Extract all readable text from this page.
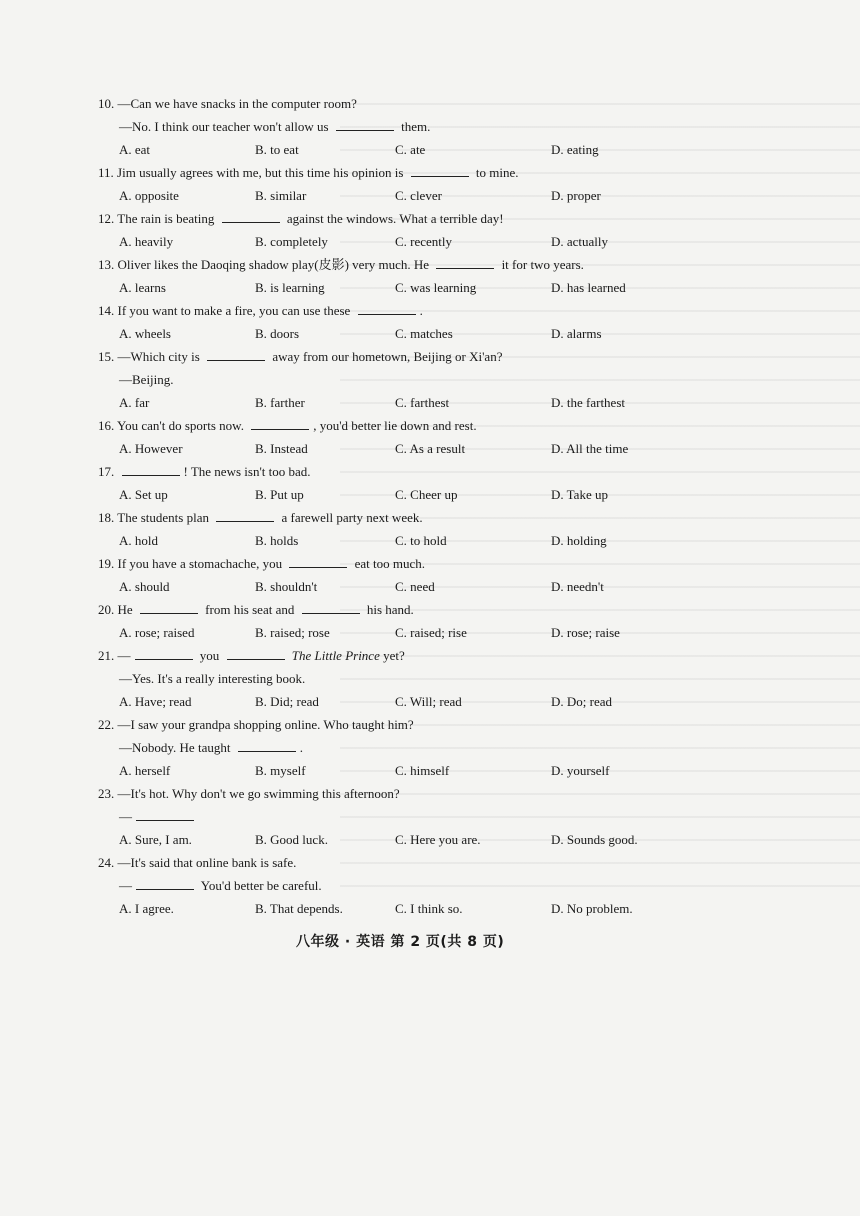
10. —Can we have snacks in the computer room?
—No. I think our teacher won't allow us	them.
A. eat	B. to eat	C. ate	D. eating
11. Jim usually agrees with me, but this time his opinion is	to mine.
A. opposite	B. similar	C. clever	D. proper
12. The rain is beating	against the windows. What a terrible day!
A. heavily	B. completely	C. recently	D. actually
13. Oliver likes the Daoqing shadow play(皮影) very much. He	it for two years.
A. learns	B. is learning	C. was learning	D. has learned
14. If you want to make a fire, you can use these	.
A. wheels	B. doors	C. matches	D. alarms
15. —Which city is	away from our hometown, Beijing or Xi'an?
—Beijing.
A. far	B. farther	C. farthest	D. the farthest
16. You can't do sports now.	, you'd better lie down and rest.
A. However	B. Instead	C. As a result	D. All the time
17.	! The news isn't too bad.
A. Set up	B. Put up	C. Cheer up	D. Take up
18. The students plan	a farewell party next week.
A. hold	B. holds	C. to hold	D. holding
19. If you have a stomachache, you	eat too much.
A. should	B. shouldn't	C. need	D. needn't
20. He	from his seat and	his hand.
A. rose; raised	B. raised; rose	C. raised; rise	D. rose; raise
21. —	you	The Little Prince yet?
—Yes. It's a really interesting book.
A. Have; read	B. Did; read	C. Will; read	D. Do; read
22. —I saw your grandpa shopping online. Who taught him?
—Nobody. He taught	.
A. herself	B. myself	C. himself	D. yourself
23. —It's hot. Why don't we go swimming this afternoon?
—
A. Sure, I am.	B. Good luck.	C. Here you are.	D. Sounds good.
24. —It's said that online bank is safe.
—	You'd better be careful.
A. I agree.	B. That depends.	C. I think so.	D. No problem.
八年级 · 英语 第 2 页(共 8 页)
